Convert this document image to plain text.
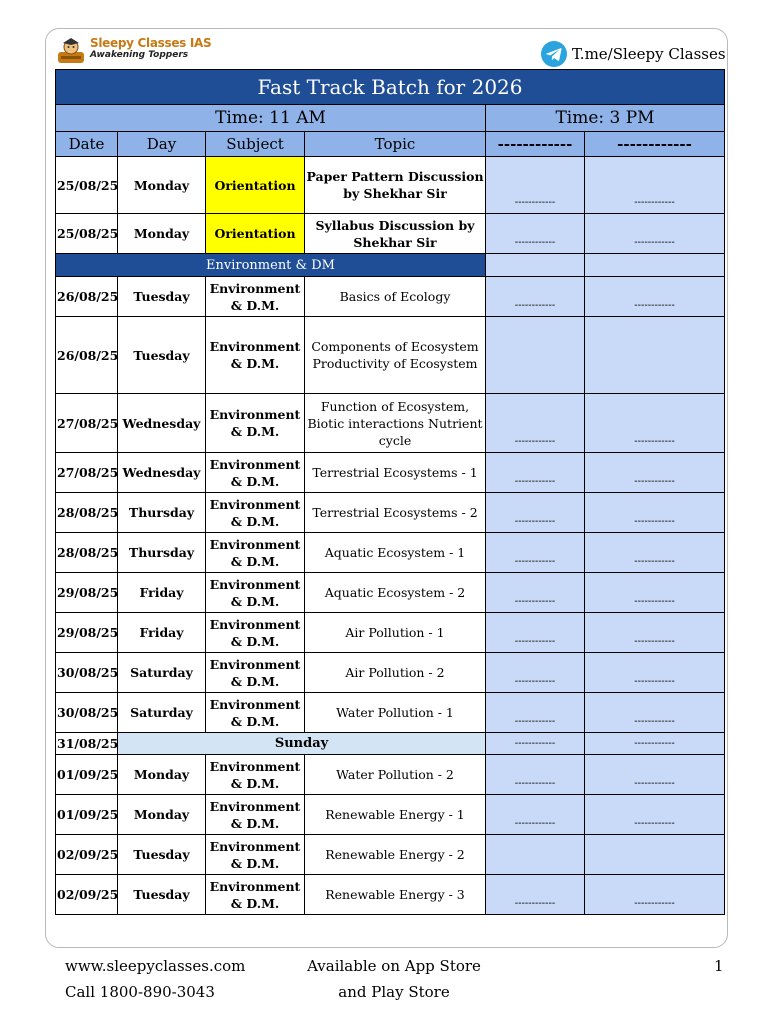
Sleepy Classes IAS
Awakening Toppers	T.me/Sleepy Classes
Fast Track Batch for 2026					
Time: 11 AM				Time: 3 PM	
Date	Day	Subject	Topic	------------	------------
25/08/25	Monday	Orientation	Paper Pattern Discussion by Shekhar Sir	------------	------------
25/08/25	Monday	Orientation	Syllabus Discussion by Shekhar Sir	------------	------------
Environment & DM					
26/08/25	Tuesday	Environment & D.M.	Basics of Ecology	------------	------------
26/08/25	Tuesday	Environment & D.M.	Components of Ecosystem Productivity of Ecosystem		
27/08/25	Wednesday	Environment & D.M.	Function of Ecosystem, Biotic interactions Nutrient cycle	------------	------------
27/08/25	Wednesday	Environment & D.M.	Terrestrial Ecosystems - 1	------------	------------
28/08/25	Thursday	Environment & D.M.	Terrestrial Ecosystems - 2	------------	------------
28/08/25	Thursday	Environment & D.M.	Aquatic Ecosystem - 1	------------	------------
29/08/25	Friday	Environment & D.M.	Aquatic Ecosystem - 2	------------	------------
29/08/25	Friday	Environment & D.M.	Air Pollution - 1	------------	------------
30/08/25	Saturday	Environment & D.M.	Air Pollution - 2	------------	------------
30/08/25	Saturday	Environment & D.M.	Water Pollution - 1	------------	------------
31/08/25	Sunday			------------	------------
01/09/25	Monday	Environment & D.M.	Water Pollution - 2	------------	------------
01/09/25	Monday	Environment & D.M.	Renewable Energy - 1	------------	------------
02/09/25	Tuesday	Environment & D.M.	Renewable Energy - 2		
02/09/25	Tuesday	Environment & D.M.	Renewable Energy - 3	------------	------------
www.sleepyclasses.com
Call 1800-890-3043
Available on App Store
and Play Store
1
